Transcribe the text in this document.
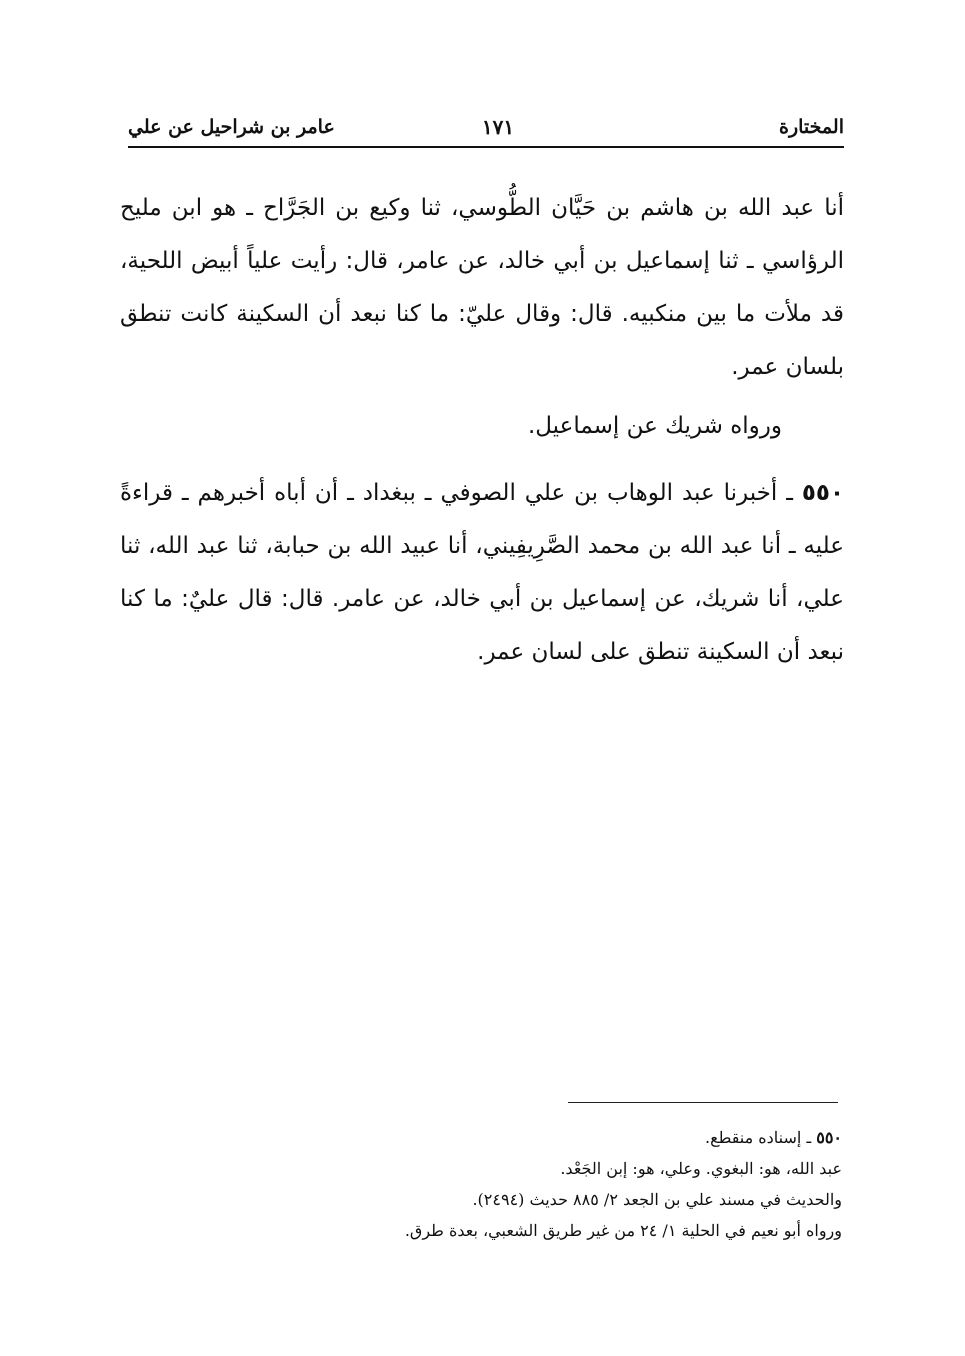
المختارة
١٧١
عامر بن شراحيل عن علي
أنا عبد الله بن هاشم بن حَيَّان الطُّوسي، ثنا وكيع بن الجَرَّاح ـ هو ابن مليح الرؤاسي ـ ثنا إسماعيل بن أبي خالد، عن عامر، قال: رأيت علياً أبيض اللحية، قد ملأت ما بين منكبيه. قال: وقال عليّ: ما كنا نبعد أن السكينة كانت تنطق بلسان عمر.
ورواه شريك عن إسماعيل.
٥٥٠ ـ أخبرنا عبد الوهاب بن علي الصوفي ـ ببغداد ـ أن أباه أخبرهم ـ قراءةً عليه ـ أنا عبد الله بن محمد الصَّرِيفِيني، أنا عبيد الله بن حبابة، ثنا عبد الله، ثنا علي، أنا شريك، عن إسماعيل بن أبي خالد، عن عامر. قال: قال عليٌ: ما كنا نبعد أن السكينة تنطق على لسان عمر.
٥٥٠ ـ إسناده منقطع.
عبد الله، هو: البغوي. وعلي، هو: إبن الجَعْد.
والحديث في مسند علي بن الجعد ٢/ ٨٨٥ حديث (٢٤٩٤).
ورواه أبو نعيم في الحلية ١/ ٢٤ من غير طريق الشعبي، بعدة طرق.
